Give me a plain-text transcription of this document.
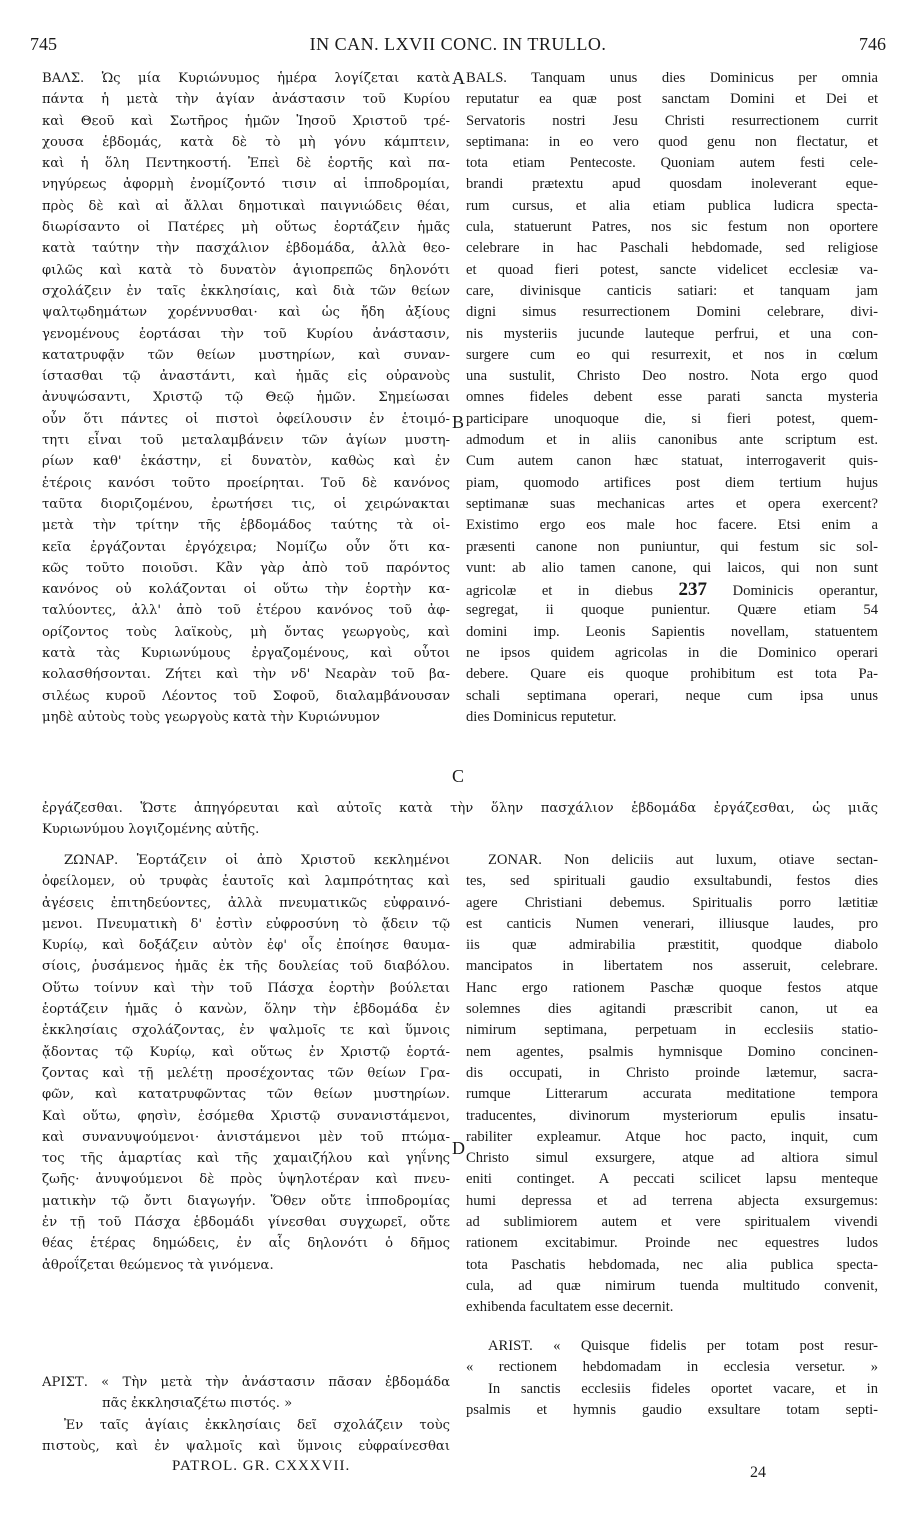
745	IN CAN. LXVII CONC. IN TRULLO.	746
ΒΑΛΣ. Ὡς μία Κυριώνυμος ἡμέρα λογίζεται κατὰ
πάντα ἡ μετὰ τὴν ἁγίαν ἀνάστασιν τοῦ Κυρίου
καὶ Θεοῦ καὶ Σωτῆρος ἡμῶν Ἰησοῦ Χριστοῦ τρέ-
χουσα ἑβδομάς, κατὰ δὲ τὸ μὴ γόνυ κάμπτειν,
καὶ ἡ ὅλη Πεντηκοστή. Ἐπεὶ δὲ ἑορτῆς καὶ πα-
νηγύρεως ἀφορμὴ ἐνομίζοντό τισιν αἱ ἱπποδρομίαι,
πρὸς δὲ καὶ αἱ ἄλλαι δημοτικαὶ παιγνιώδεις θέαι,
διωρίσαντο οἱ Πατέρες μὴ οὕτως ἑορτάζειν ἡμᾶς
κατὰ ταύτην τὴν πασχάλιον ἑβδομάδα, ἀλλὰ θεο-
φιλῶς καὶ κατὰ τὸ δυνατὸν ἁγιοπρεπῶς δηλονότι
σχολάζειν ἐν ταῖς ἐκκλησίαις, καὶ διὰ τῶν θείων
ψαλτῳδημάτων χορέννυσθαι· καὶ ὡς ἤδη ἀξίους
γενομένους ἑορτάσαι τὴν τοῦ Κυρίου ἀνάστασιν,
κατατρυφᾷν τῶν θείων μυστηρίων, καὶ συναν-
ίστασθαι τῷ ἀναστάντι, καὶ ἡμᾶς εἰς οὐρανοὺς
ἀνυψώσαντι, Χριστῷ τῷ Θεῷ ἡμῶν. Σημείωσαι
οὖν ὅτι πάντες οἱ πιστοὶ ὀφείλουσιν ἐν ἑτοιμό-
τητι εἶναι τοῦ μεταλαμβάνειν τῶν ἁγίων μυστη-
ρίων καθ' ἑκάστην, εἰ δυνατὸν, καθὼς καὶ ἐν
ἑτέροις κανόσι τοῦτο προείρηται. Τοῦ δὲ κανόνος
ταῦτα διοριζομένου, ἐρωτήσει τις, οἱ χειρώνακται
μετὰ τὴν τρίτην τῆς ἑβδομάδος ταύτης τὰ οἰ-
κεῖα ἐργάζονται ἐργόχειρα; Νομίζω οὖν ὅτι κα-
κῶς τοῦτο ποιοῦσι. Κἂν γὰρ ἀπὸ τοῦ παρόντος
κανόνος οὐ κολάζονται οἱ οὕτω τὴν ἑορτὴν κα-
ταλύοντες, ἀλλ' ἀπὸ τοῦ ἑτέρου κανόνος τοῦ ἀφ-
ορίζοντος τοὺς λαϊκοὺς, μὴ ὄντας γεωργοὺς, καὶ
κατὰ τὰς Κυριωνύμους ἐργαζομένους, καὶ οὗτοι
κολασθήσονται. Ζήτει καὶ τὴν νδ' Νεαρὰν τοῦ βα-
σιλέως κυροῦ Λέοντος τοῦ Σοφοῦ, διαλαμβάνουσαν
μηδὲ αὐτοὺς τοὺς γεωργοὺς κατὰ τὴν Κυριώνυμον
BALS. Tanquam unus dies Dominicus per omnia
reputatur ea quæ post sanctam Domini et Dei et
Servatoris nostri Jesu Christi resurrectionem currit
septimana: in eo vero quod genu non flectatur, et
tota etiam Pentecoste. Quoniam autem festi cele-
brandi prætextu apud quosdam inoleverant eque-
rum cursus, et alia etiam publica ludicra specta-
cula, statuerunt Patres, nos sic festum non oportere
celebrare in hac Paschali hebdomade, sed religiose
et quoad fieri potest, sancte videlicet ecclesiæ va-
care, divinisque canticis satiari: et tanquam jam
digni simus resurrectionem Domini celebrare, divi-
nis mysteriis jucunde lauteque perfrui, et una con-
surgere cum eo qui resurrexit, et nos in cœlum
una sustulit, Christo Deo nostro. Nota ergo quod
omnes fideles debent esse parati sancta mysteria
participare unoquoque die, si fieri potest, quem-
admodum et in aliis canonibus ante scriptum est.
Cum autem canon hæc statuat, interrogaverit quis-
piam, quomodo artifices post diem tertium hujus
septimanæ suas mechanicas artes et opera exercent?
Existimo ergo eos male hoc facere. Etsi enim a
præsenti canone non puniuntur, qui festum sic sol-
vunt: ab alio tamen canone, qui laicos, qui non sunt
agricolæ et in diebus 237 Dominicis operantur,
segregat, ii quoque punientur. Quære etiam 54
domini imp. Leonis Sapientis novellam, statuentem
ne ipsos quidem agricolas in die Dominico operari
debere. Quare eis quoque prohibitum est tota Pa-
schali septimana operari, neque cum ipsa unus
dies Dominicus reputetur.
ἐργάζεσθαι. Ὥστε ἀπηγόρευται καὶ αὐτοῖς κατὰ τὴν ὅλην πασχάλιον ἑβδομάδα ἐργάζεσθαι, ὡς μιᾶς
Κυριωνύμου λογιζομένης αὐτῆς.
ΖΩΝΑΡ. Ἑορτάζειν οἱ ἀπὸ Χριστοῦ κεκλημένοι
ὀφείλομεν, οὐ τρυφὰς ἑαυτοῖς καὶ λαμπρότητας καὶ
ἀγέσεις ἐπιτηδεύοντες, ἀλλὰ πνευματικῶς εὐφραινό-
μενοι. Πνευματικὴ δ' ἐστὶν εὐφροσύνη τὸ ᾄδειν τῷ
Κυρίῳ, καὶ δοξάζειν αὐτὸν ἐφ' οἷς ἐποίησε θαυμα-
σίοις, ῥυσάμενος ἡμᾶς ἐκ τῆς δουλείας τοῦ διαβόλου.
Οὕτω τοίνυν καὶ τὴν τοῦ Πάσχα ἑορτὴν βούλεται
ἑορτάζειν ἡμᾶς ὁ κανὼν, ὅλην τὴν ἑβδομάδα ἐν
ἐκκλησίαις σχολάζοντας, ἐν ψαλμοῖς τε καὶ ὕμνοις
ᾄδοντας τῷ Κυρίῳ, καὶ οὕτως ἐν Χριστῷ ἑορτά-
ζοντας καὶ τῇ μελέτῃ προσέχοντας τῶν θείων Γρα-
φῶν, καὶ κατατρυφῶντας τῶν θείων μυστηρίων.
Καὶ οὕτω, φησὶν, ἐσόμεθα Χριστῷ συνανιστάμενοι,
καὶ συνανυψούμενοι· ἀνιστάμενοι μὲν τοῦ πτώμα-
τος τῆς ἁμαρτίας καὶ τῆς χαμαιζήλου καὶ γηΐνης
ζωῆς· ἀνυψούμενοι δὲ πρὸς ὑψηλοτέραν καὶ πνευ-
ματικὴν τῷ ὄντι διαγωγήν. Ὅθεν οὔτε ἱπποδρομίας
ἐν τῇ τοῦ Πάσχα ἑβδομάδι γίνεσθαι συγχωρεῖ, οὔτε
θέας ἑτέρας δημώδεις, ἐν αἷς δηλονότι ὁ δῆμος
ἀθροΐζεται θεώμενος τὰ γινόμενα.
ZONAR. Non deliciis aut luxum, otiave sectan-
tes, sed spirituali gaudio exsultabundi, festos dies
agere Christiani debemus. Spiritualis porro lætitiæ
est canticis Numen venerari, illiusque laudes, pro
iis quæ admirabilia præstitit, quodque diabolo
mancipatos in libertatem nos asseruit, celebrare.
Hanc ergo rationem Paschæ quoque festos atque
solemnes dies agitandi præscribit canon, ut ea
nimirum septimana, perpetuam in ecclesiis statio-
nem agentes, psalmis hymnisque Domino concinen-
dis occupati, in Christo proinde lætemur, sacra-
rumque Litterarum accurata meditatione tempora
traducentes, divinorum mysteriorum epulis insatu-
rabiliter expleamur. Atque hoc pacto, inquit, cum
Christo simul exsurgere, atque ad altiora simul
eniti continget. A peccati scilicet lapsu menteque
humi depressa et ad terrena abjecta exsurgemus:
ad sublimiorem autem et vere spiritualem vivendi
rationem excitabimur. Proinde nec equestres ludos
tota Paschatis hebdomada, nec alia publica specta-
cula, ad quæ nimirum tuenda multitudo convenit,
exhibenda facultatem esse decernit.
ΑΡΙΣΤ. « Τὴν μετὰ τὴν ἀνάστασιν πᾶσαν ἑβδομάδα
πᾶς ἐκκλησιαζέτω πιστός. »
Ἐν ταῖς ἁγίαις ἐκκλησίαις δεῖ σχολάζειν τοὺς
πιστοὺς, καὶ ἐν ψαλμοῖς καὶ ὕμνοις εὐφραίνεσθαι
ARIST. « Quisque fidelis per totam post resur-
« rectionem hebdomadam in ecclesia versetur. »
In sanctis ecclesiis fideles oportet vacare, et in
psalmis et hymnis gaudio exsultare totam septi-
A
B
C
D
PATROL. GR. CXXXVII.	24
